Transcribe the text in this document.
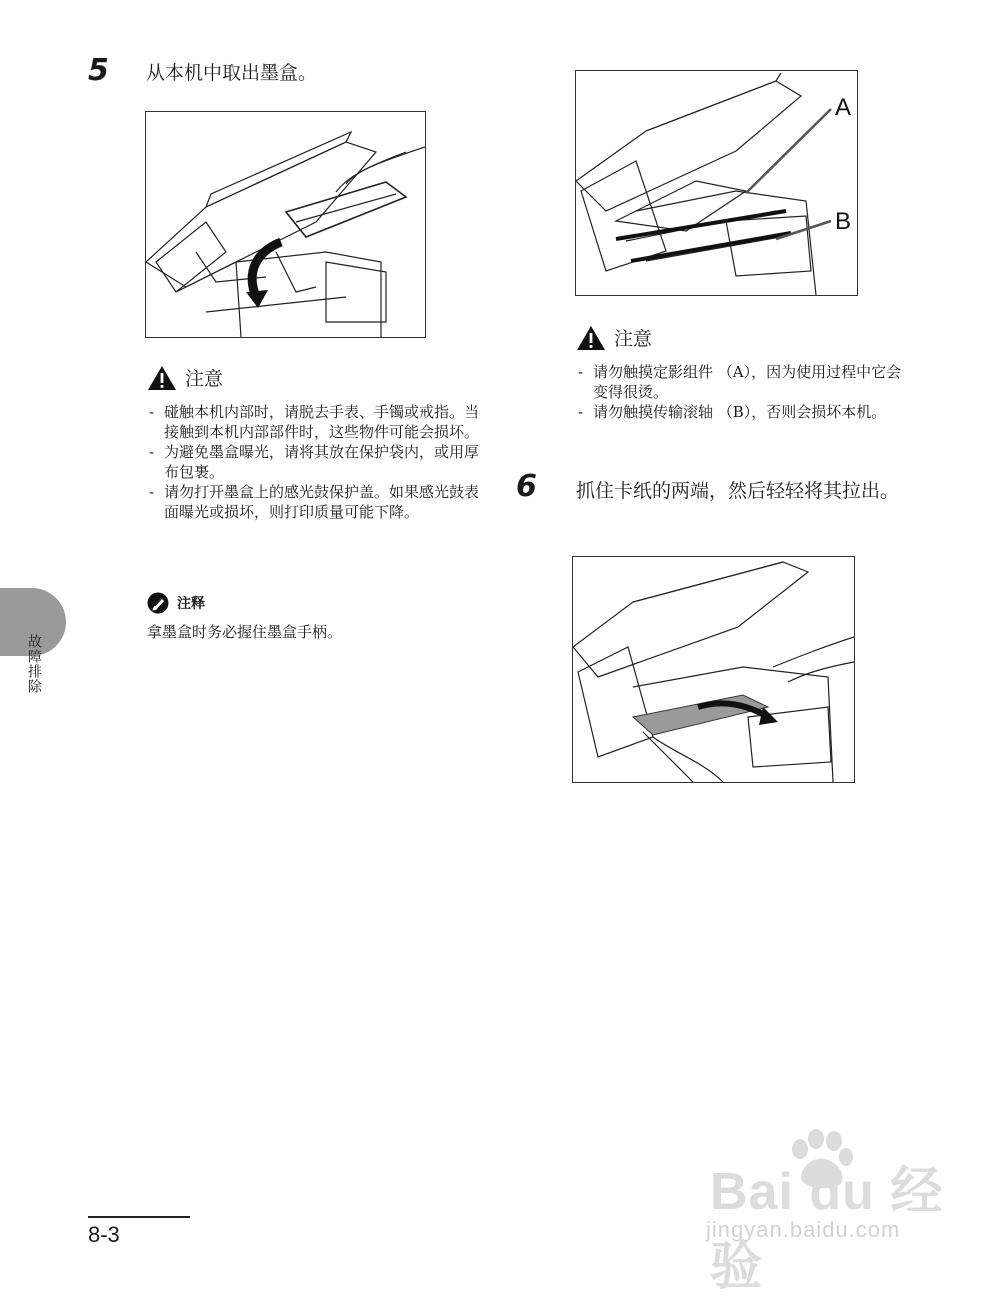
5 从本机中取出墨盒。
注意
- 碰触本机内部时，请脱去手表、手镯或戒指。当接触到本机内部部件时，这些物件可能会损坏。
- 为避免墨盒曝光，请将其放在保护袋内，或用厚布包裹。
- 请勿打开墨盒上的感光鼓保护盖。如果感光鼓表面曝光或损坏，则打印质量可能下降。
注释
拿墨盒时务必握住墨盒手柄。
A
B
注意
- 请勿触摸定影组件 （A），因为使用过程中它会变得很烫。
- 请勿触摸传输滚轴 （B），否则会损坏本机。
6 抓住卡纸的两端，然后轻轻将其拉出。
故障排除
8-3
Bai du 经验
jingyan.baidu.com
